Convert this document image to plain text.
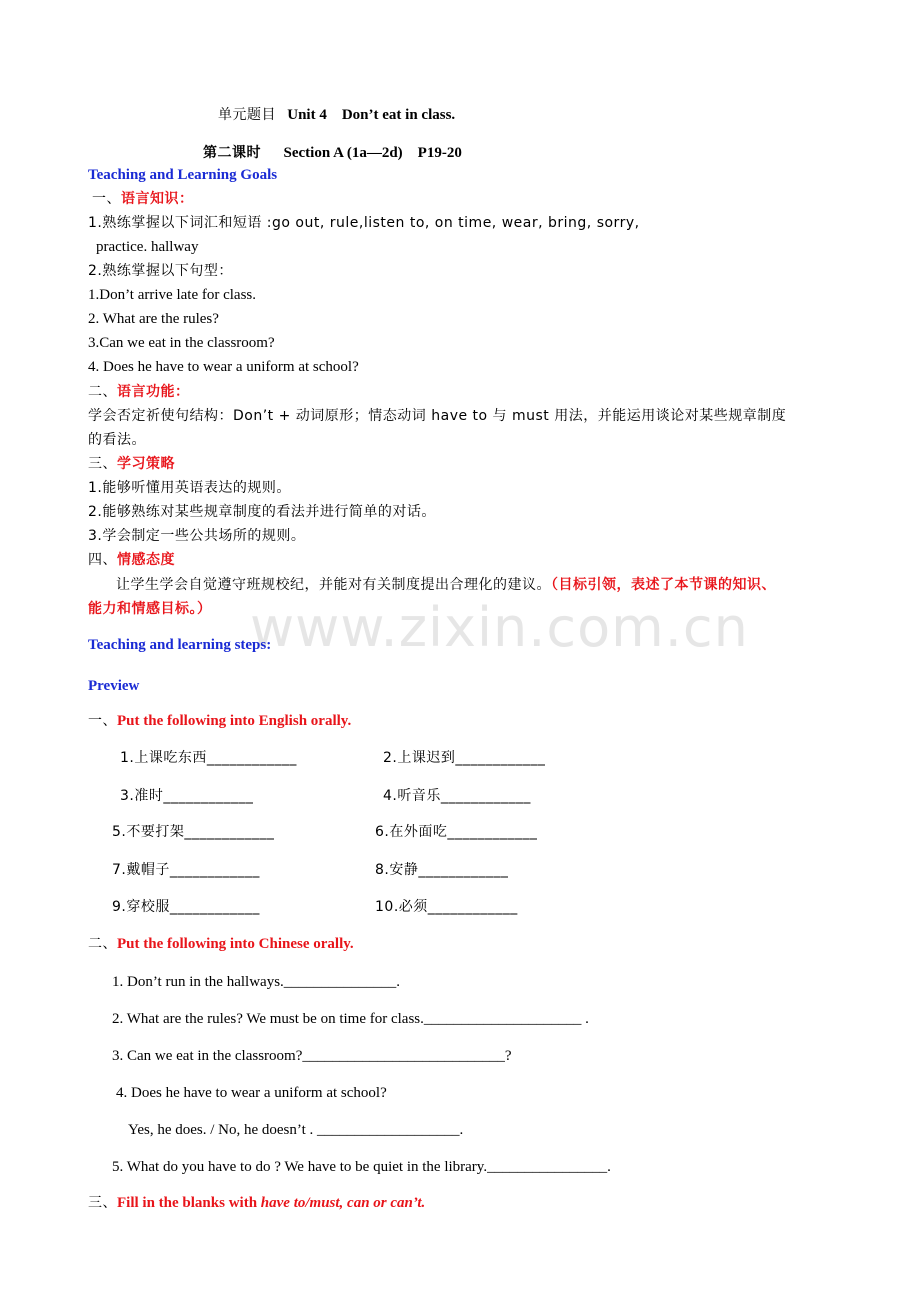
www.zixin.com.cn
单元题目 Unit 4    Don’t eat in class.
第二课时 Section A (1a—2d)    P19-20
Teaching and Learning Goals
一、语言知识：
1.熟练掌握以下词汇和短语 :go out, rule,listen to, on time, wear, bring, sorry,
practice. hallway
2.熟练掌握以下句型：
1.Don’t arrive late for class.
2. What are the rules?
3.Can we eat in the classroom?
4. Does he have to wear a uniform at school?
二、语言功能：
学会否定祈使句结构：Don’t + 动词原形；情态动词 have to 与 must 用法，并能运用谈论对某些规章制度
的看法。
三、学习策略
1.能够听懂用英语表达的规则。
2.能够熟练对某些规章制度的看法并进行简单的对话。
3.学会制定一些公共场所的规则。
四、情感态度
让学生学会自觉遵守班规校纪，并能对有关制度提出合理化的建议。（目标引领，表述了本节课的知识、
能力和情感目标。）
Teaching and learning steps:
Preview
一、Put the following into English orally.
1.上课吃东西____________	2.上课迟到____________
3.准时____________	4.听音乐____________
5.不要打架____________	6.在外面吃____________
7.戴帽子____________	8.安静____________
9.穿校服____________	10.必须____________
二、Put the following into Chinese orally.
1. Don’t run in the hallways._______________.
2. What are the rules? We must be on time for class._____________________ .
3. Can we eat in the classroom?___________________________?
4. Does he have to wear a uniform at school?
Yes, he does. / No, he doesn’t . ___________________.
5. What do you have to do ? We have to be quiet in the library.________________.
三、Fill in the blanks with have to/must, can or can’t.
